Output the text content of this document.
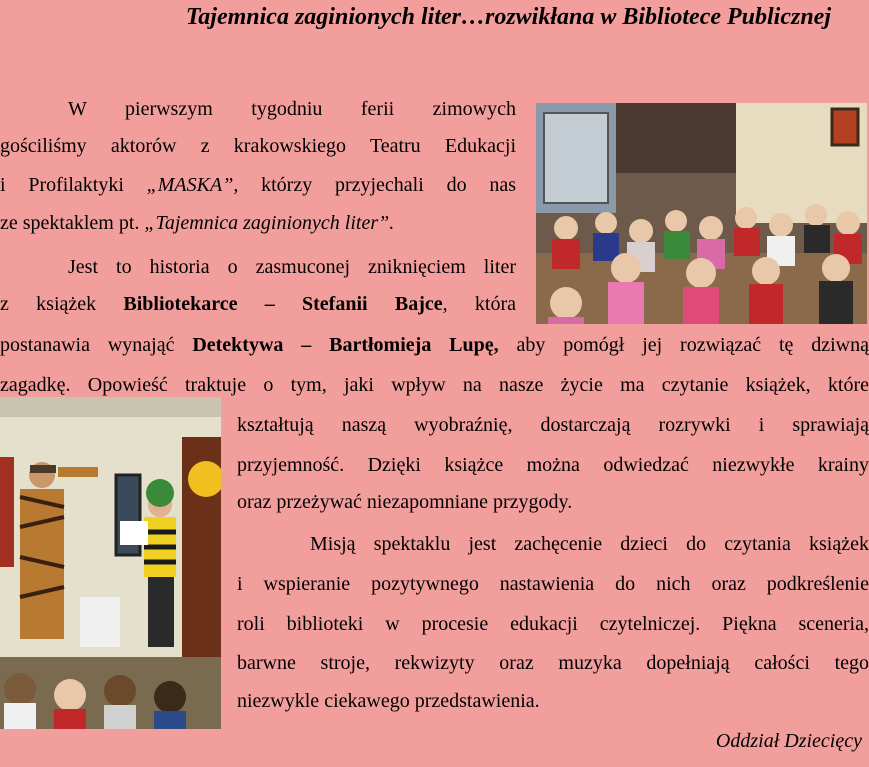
Tajemnica zaginionych liter…rozwikłana w Bibliotece Publicznej
W pierwszym tygodniu ferii zimowych
gościliśmy aktorów z krakowskiego Teatru Edukacji
i Profilaktyki „MASKA”, którzy przyjechali do nas
ze spektaklem pt. „Tajemnica zaginionych liter”.
Jest to historia o zasmuconej zniknięciem liter
z książek Bibliotekarce – Stefanii Bajce, która
postanawia wynająć Detektywa – Bartłomieja Lupę, aby pomógł jej rozwiązać tę dziwną
zagadkę. Opowieść traktuje o tym, jaki wpływ na nasze życie ma czytanie książek, które
kształtują naszą wyobraźnię, dostarczają rozrywki i sprawiają
przyjemność. Dzięki książce można odwiedzać niezwykłe krainy
oraz przeżywać niezapomniane przygody.
Misją spektaklu jest zachęcenie dzieci do czytania książek
i wspieranie pozytywnego nastawienia do nich oraz podkreślenie
roli biblioteki w procesie edukacji czytelniczej. Piękna sceneria,
barwne stroje, rekwizyty oraz muzyka dopełniają całości tego
niezwykle ciekawego przedstawienia.
Oddział Dziecięcy
